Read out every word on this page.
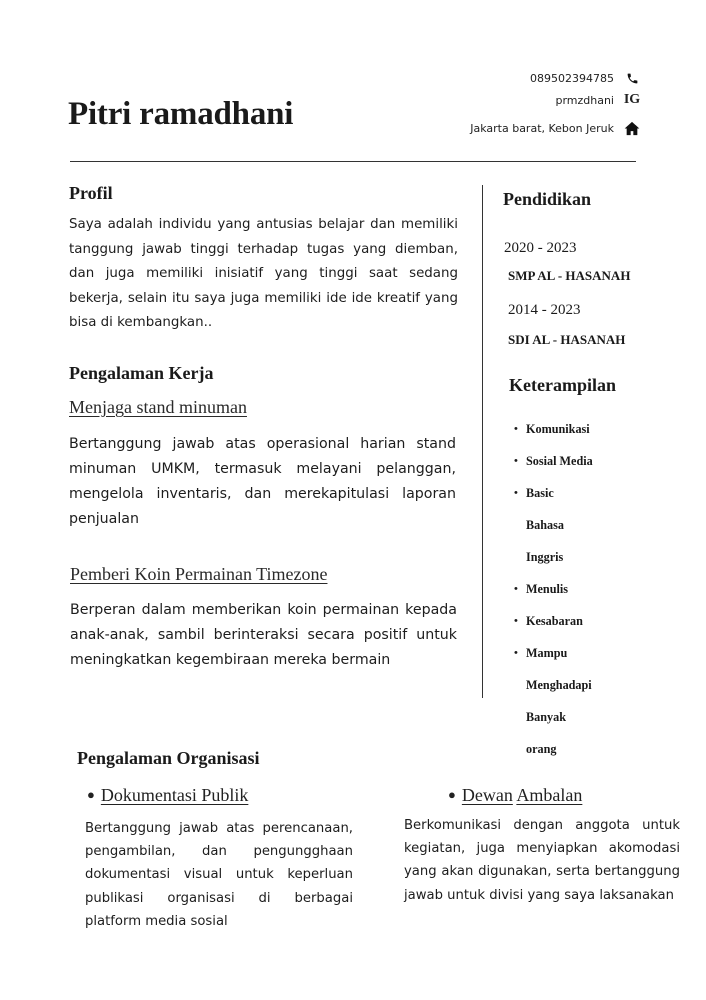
Pitri ramadhani
089502394785
prmzdhani IG
Jakarta barat, Kebon Jeruk
Profil
Saya adalah individu yang antusias belajar dan memiliki tanggung jawab tinggi terhadap tugas yang diemban, dan juga memiliki inisiatif yang tinggi saat sedang bekerja, selain itu saya juga memiliki ide ide kreatif yang bisa di kembangkan..
Pengalaman Kerja
Menjaga stand minuman
Bertanggung jawab atas operasional harian stand minuman UMKM, termasuk melayani pelanggan, mengelola inventaris, dan merekapitulasi laporan penjualan
Pemberi Koin Permainan Timezone
Berperan dalam memberikan koin permainan kepada anak-anak, sambil berinteraksi secara positif untuk meningkatkan kegembiraan mereka bermain
Pendidikan
2020 - 2023
SMP AL - HASANAH
2014 - 2023
SDI AL - HASANAH
Keterampilan
• Komunikasi
• Sosial Media
• Basic Bahasa Inggris
• Menulis
• Kesabaran
• Mampu Menghadapi Banyak orang
Pengalaman Organisasi
● Dokumentasi Publik
Bertanggung jawab atas perencanaan, pengambilan, dan pengungghaan dokumentasi visual untuk keperluan publikasi organisasi di berbagai platform media sosial
● Dewan Ambalan
Berkomunikasi dengan anggota untuk kegiatan, juga menyiapkan akomodasi yang akan digunakan, serta bertanggung jawab untuk divisi yang saya laksanakan
